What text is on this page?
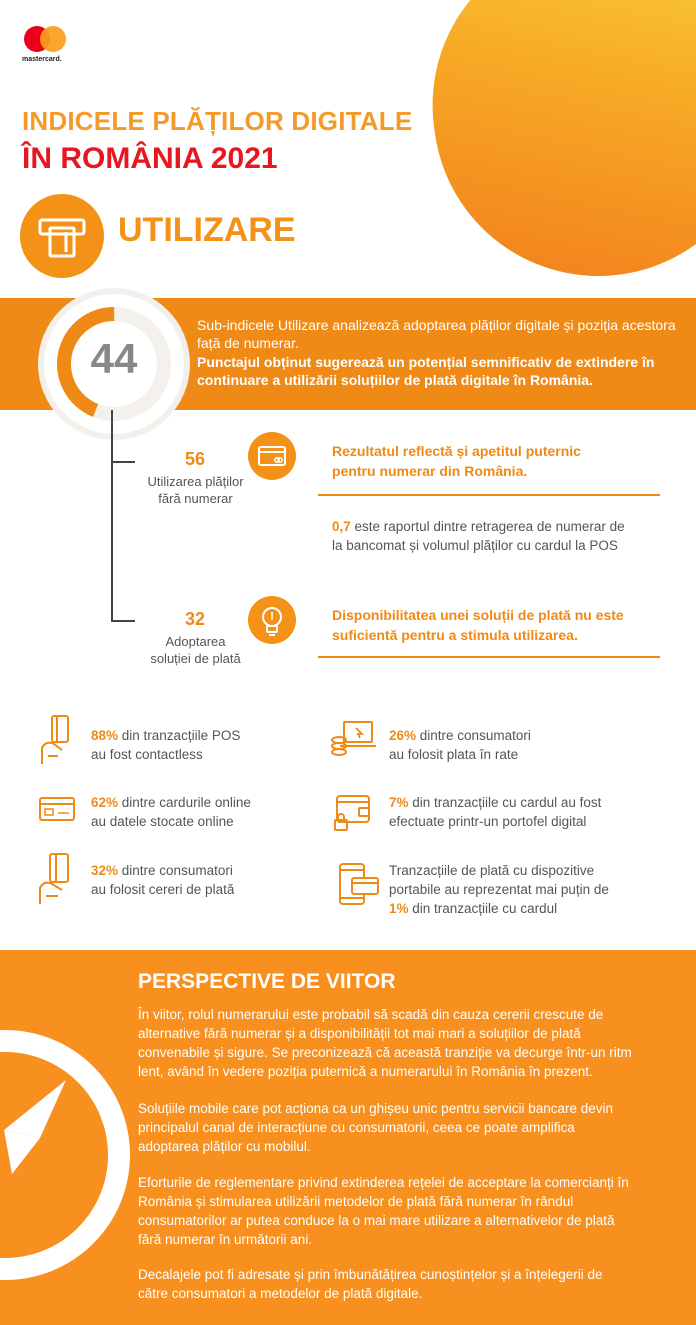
mastercard.
INDICELE PLĂȚILOR DIGITALE
ÎN ROMÂNIA 2021
UTILIZARE
44
Sub-indicele Utilizare analizează adoptarea plăților digitale și poziția acestora față de numerar.
Punctajul obținut sugerează un potențial semnificativ de extindere în continuare a utilizării soluțiilor de plată digitale în România.
56
Utilizarea plăților
fără numerar
Rezultatul reflectă și apetitul puternic
pentru numerar din România.
0,7 este raportul dintre retragerea de numerar de
la bancomat și volumul plăților cu cardul la POS
32
Adoptarea
soluției de plată
Disponibilitatea unei soluții de plată nu este
suficientă pentru a stimula utilizarea.
88% din tranzacțiile POS
au fost contactless
26% dintre consumatori
au folosit plata în rate
62% dintre cardurile online
au datele stocate online
7% din tranzacțiile cu cardul au fost
efectuate printr-un portofel digital
32% dintre consumatori
au folosit cereri de plată
Tranzacțiile de plată cu dispozitive
portabile au reprezentat mai puțin de
1% din tranzacțiile cu cardul
PERSPECTIVE DE VIITOR
În viitor, rolul numerarului este probabil să scadă din cauza cererii crescute de
alternative fără numerar și a disponibilității tot mai mari a soluțiilor de plată
convenabile și sigure. Se preconizează că această tranziție va decurge într-un ritm
lent, având în vedere poziția puternică a numerarului în România în prezent.
Soluțiile mobile care pot acționa ca un ghișeu unic pentru servicii bancare devin
principalul canal de interacțiune cu consumatorii, ceea ce poate amplifica
adoptarea plăților cu mobilul.
Eforturile de reglementare privind extinderea rețelei de acceptare la comercianți în
România și stimularea utilizării metodelor de plată fără numerar în rândul
consumatorilor ar putea conduce la o mai mare utilizare a alternativelor de plată
fără numerar în următorii ani.
Decalajele pot fi adresate și prin îmbunătățirea cunoștințelor și a înțelegerii de
către consumatori a metodelor de plată digitale.
